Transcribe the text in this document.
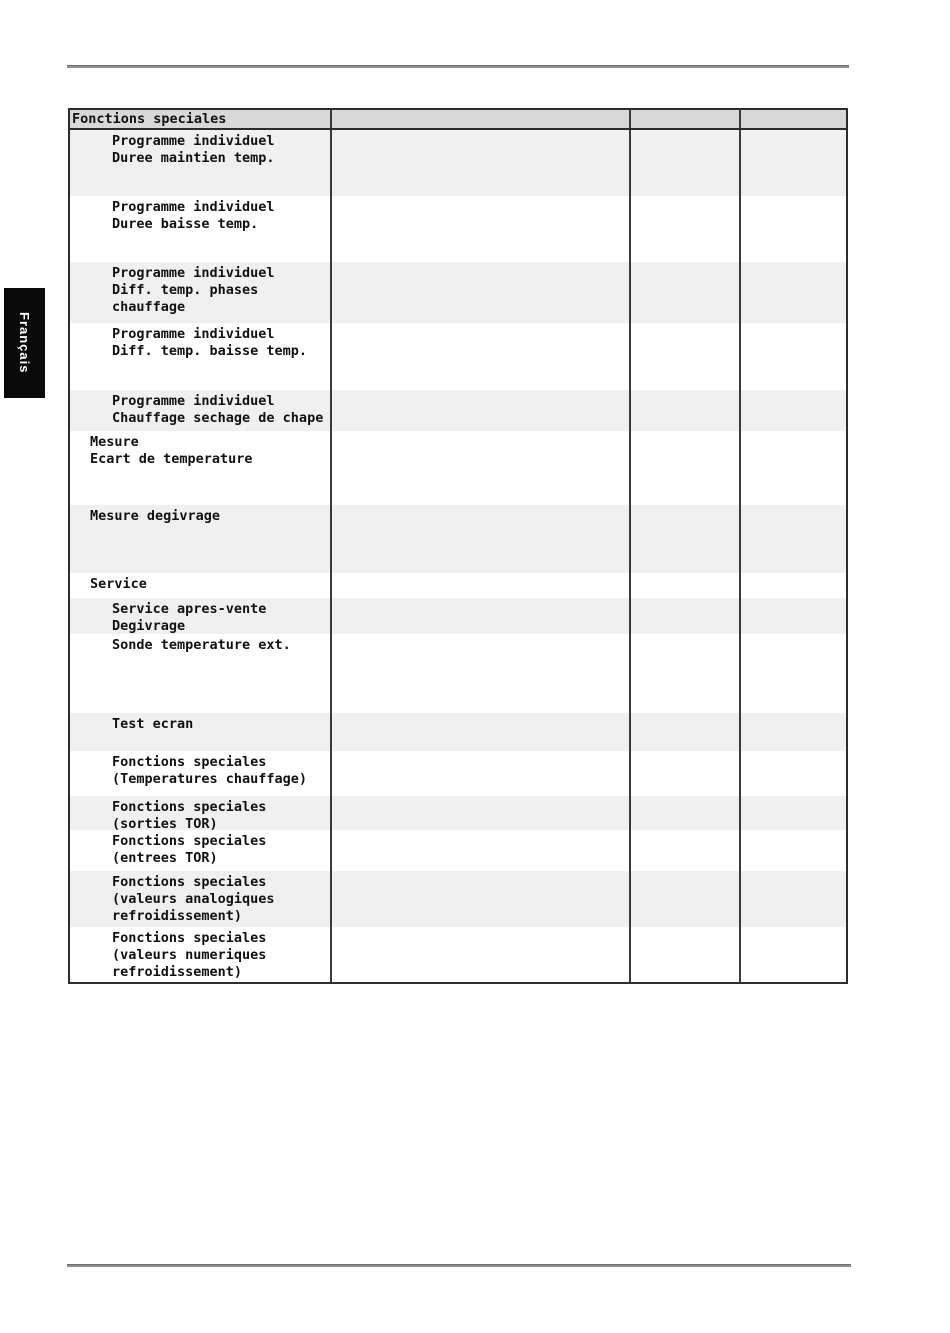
Français
Fonctions speciales
Programme individuel
Duree maintien temp.
Programme individuel
Duree baisse temp.
Programme individuel
Diff. temp. phases
chauffage
Programme individuel
Diff. temp. baisse temp.
Programme individuel
Chauffage sechage de chape
Mesure
Ecart de temperature
Mesure degivrage
Service
Service apres-vente
Degivrage
Sonde temperature ext.
Test ecran
Fonctions speciales
(Temperatures chauffage)
Fonctions speciales
(sorties TOR)
Fonctions speciales
(entrees TOR)
Fonctions speciales
(valeurs analogiques
refroidissement)
Fonctions speciales
(valeurs numeriques
refroidissement)
